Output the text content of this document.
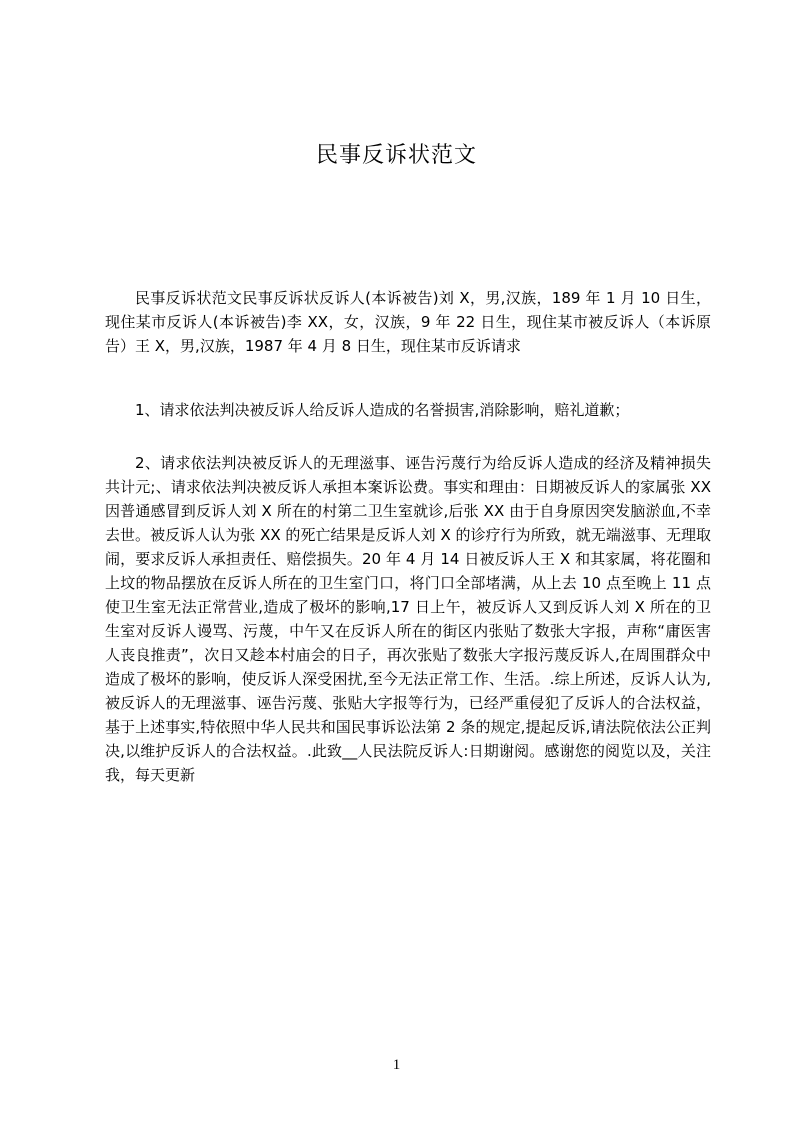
民事反诉状范文

民事反诉状范文民事反诉状反诉人(本诉被告)刘 X，男,汉族，189 年 1 月 10 日生，现住某市反诉人(本诉被告)李 XX，女，汉族，9 年 22 日生，现住某市被反诉人（本诉原告）王 X，男,汉族，1987 年 4 月 8 日生，现住某市反诉请求

1、请求依法判决被反诉人给反诉人造成的名誉损害,消除影响，赔礼道歉；

2、请求依法判决被反诉人的无理滋事、诬告污蔑行为给反诉人造成的经济及精神损失共计元;、请求依法判决被反诉人承担本案诉讼费。事实和理由：日期被反诉人的家属张 XX 因普通感冒到反诉人刘 X 所在的村第二卫生室就诊,后张 XX 由于自身原因突发脑淤血,不幸去世。被反诉人认为张 XX 的死亡结果是反诉人刘 X 的诊疗行为所致，就无端滋事、无理取闹，要求反诉人承担责任、赔偿损失。20 年 4 月 14 日被反诉人王 X 和其家属，将花圈和上坟的物品摆放在反诉人所在的卫生室门口，将门口全部堵满，从上去 10 点至晚上 11 点使卫生室无法正常营业,造成了极坏的影响,17 日上午，被反诉人又到反诉人刘 X 所在的卫生室对反诉人谩骂、污蔑，中午又在反诉人所在的街区内张贴了数张大字报，声称“庸医害人丧良推责”，次日又趁本村庙会的日子，再次张贴了数张大字报污蔑反诉人,在周围群众中造成了极坏的影响，使反诉人深受困扰,至今无法正常工作、生活。.综上所述，反诉人认为,被反诉人的无理滋事、诬告污蔑、张贴大字报等行为，已经严重侵犯了反诉人的合法权益，基于上述事实,特依照中华人民共和国民事诉讼法第 2 条的规定,提起反诉,请法院依法公正判决,以维护反诉人的合法权益。.此致__人民法院反诉人:日期谢阅。感谢您的阅览以及，关注我，每天更新

1
